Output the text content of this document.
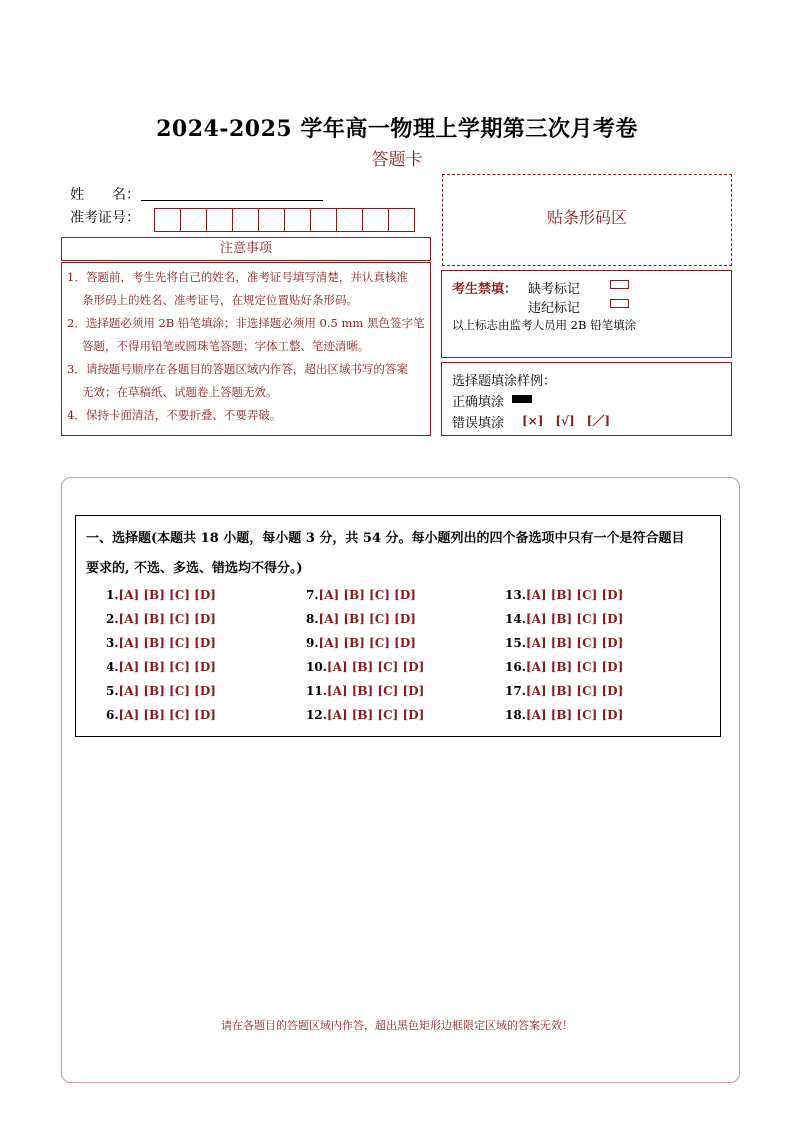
2024-2025 学年高一物理上学期第三次月考卷
答题卡
姓　　名：
准考证号：
注意事项
1．答题前，考生先将自己的姓名，准考证号填写清楚，并认真核准
条形码上的姓名、准考证号，在规定位置贴好条形码。
2．选择题必须用 2B 铅笔填涂；非选择题必须用 0.5 mm 黑色签字笔
答题，不得用铅笔或圆珠笔答题；字体工整、笔迹清晰。
3．请按题号顺序在各题目的答题区域内作答，超出区域书写的答案
无效；在草稿纸、试题卷上答题无效。
4．保持卡面清洁，不要折叠、不要弄破。
贴条形码区
考生禁填： 缺考标记
违纪标记
以上标志由监考人员用 2B 铅笔填涂
选择题填涂样例：
正确填涂
错误填涂 [×]　[√]　[／]
一、选择题(本题共 18 小题，每小题 3 分，共 54 分。每小题列出的四个备选项中只有一个是符合题目
要求的, 不选、多选、错选均不得分。)
1.[A] [B] [C] [D]
2.[A] [B] [C] [D]
3.[A] [B] [C] [D]
4.[A] [B] [C] [D]
5.[A] [B] [C] [D]
6.[A] [B] [C] [D]
7.[A] [B] [C] [D]
8.[A] [B] [C] [D]
9.[A] [B] [C] [D]
10.[A] [B] [C] [D]
11.[A] [B] [C] [D]
12.[A] [B] [C] [D]
13.[A] [B] [C] [D]
14.[A] [B] [C] [D]
15.[A] [B] [C] [D]
16.[A] [B] [C] [D]
17.[A] [B] [C] [D]
18.[A] [B] [C] [D]
请在各题目的答题区域内作答，超出黑色矩形边框限定区域的答案无效！
